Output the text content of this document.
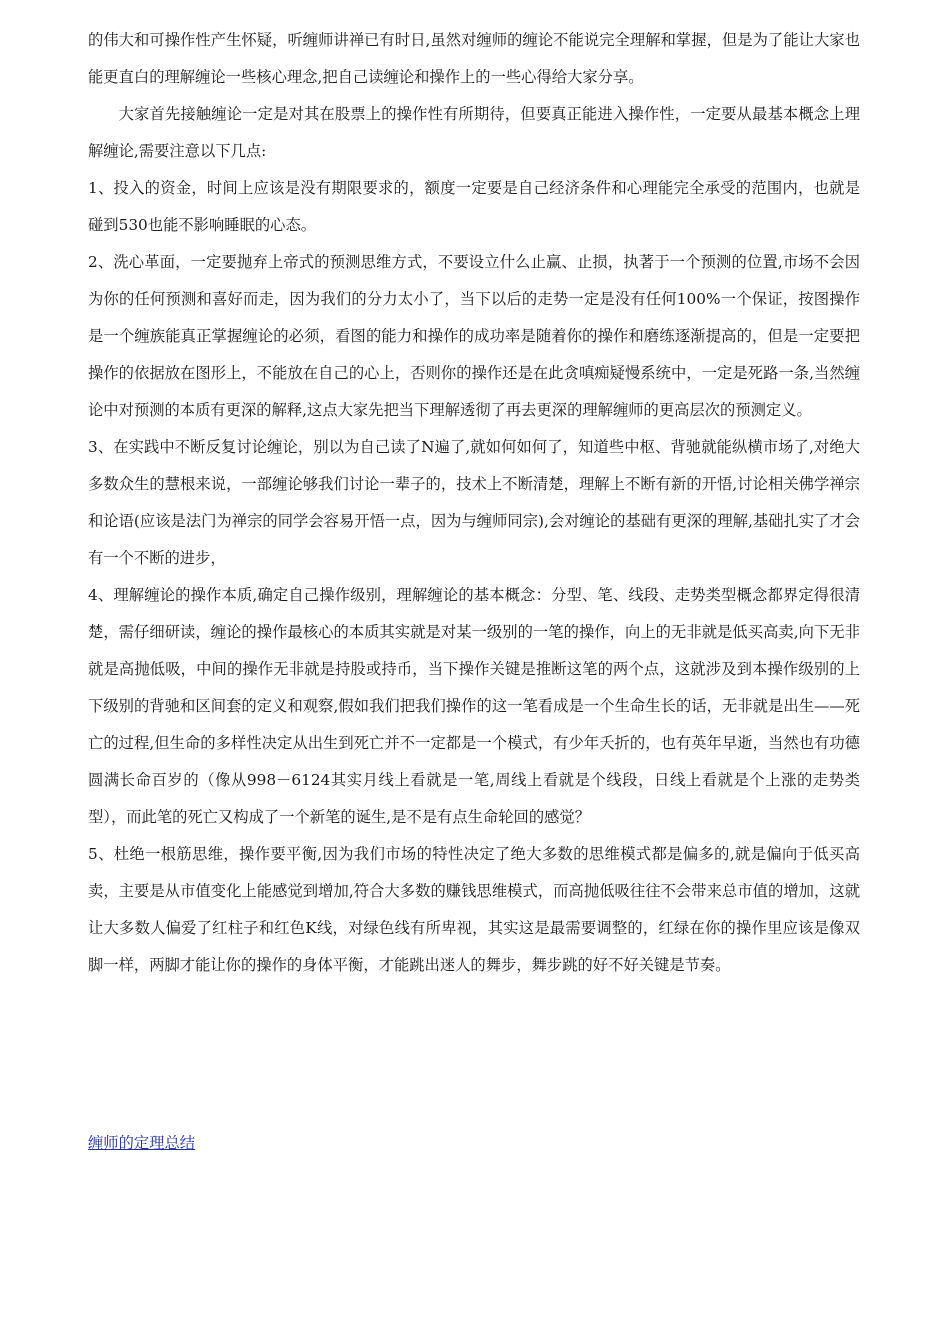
的伟大和可操作性产生怀疑，听缠师讲禅已有时日,虽然对缠师的缠论不能说完全理解和掌握，但是为了能让大家也能更直白的理解缠论一些核心理念,把自己读缠论和操作上的一些心得给大家分享。

大家首先接触缠论一定是对其在股票上的操作性有所期待，但要真正能进入操作性，一定要从最基本概念上理解缠论,需要注意以下几点:

1、投入的资金，时间上应该是没有期限要求的，额度一定要是自己经济条件和心理能完全承受的范围内，也就是碰到530也能不影响睡眠的心态。

2、洗心革面，一定要抛弃上帝式的预测思维方式，不要设立什么止赢、止损，执著于一个预测的位置,市场不会因为你的任何预测和喜好而走，因为我们的分力太小了，当下以后的走势一定是没有任何100%一个保证，按图操作是一个缠族能真正掌握缠论的必须，看图的能力和操作的成功率是随着你的操作和磨练逐渐提高的，但是一定要把操作的依据放在图形上，不能放在自己的心上，否则你的操作还是在此贪嗔痴疑慢系统中，一定是死路一条,当然缠论中对预测的本质有更深的解释,这点大家先把当下理解透彻了再去更深的理解缠师的更高层次的预测定义。

3、在实践中不断反复讨论缠论，别以为自己读了N遍了,就如何如何了，知道些中枢、背驰就能纵横市场了,对绝大多数众生的慧根来说，一部缠论够我们讨论一辈子的，技术上不断清楚，理解上不断有新的开悟,讨论相关佛学禅宗和论语(应该是法门为禅宗的同学会容易开悟一点，因为与缠师同宗),会对缠论的基础有更深的理解,基础扎实了才会有一个不断的进步，

4、理解缠论的操作本质,确定自己操作级别，理解缠论的基本概念：分型、笔、线段、走势类型概念都界定得很清楚，需仔细研读，缠论的操作最核心的本质其实就是对某一级别的一笔的操作，向上的无非就是低买高卖,向下无非就是高抛低吸，中间的操作无非就是持股或持币，当下操作关键是推断这笔的两个点，这就涉及到本操作级别的上下级别的背驰和区间套的定义和观察,假如我们把我们操作的这一笔看成是一个生命生长的话，无非就是出生——死亡的过程,但生命的多样性决定从出生到死亡并不一定都是一个模式，有少年夭折的，也有英年早逝，当然也有功德圆满长命百岁的（像从998－6124其实月线上看就是一笔,周线上看就是个线段，日线上看就是个上涨的走势类型），而此笔的死亡又构成了一个新笔的诞生,是不是有点生命轮回的感觉？

5、杜绝一根筋思维，操作要平衡,因为我们市场的特性决定了绝大多数的思维模式都是偏多的,就是偏向于低买高卖，主要是从市值变化上能感觉到增加,符合大多数的赚钱思维模式，而高抛低吸往往不会带来总市值的增加，这就让大多数人偏爱了红柱子和红色K线，对绿色线有所卑视，其实这是最需要调整的，红绿在你的操作里应该是像双脚一样，两脚才能让你的操作的身体平衡，才能跳出迷人的舞步，舞步跳的好不好关键是节奏。

缠师的定理总结
